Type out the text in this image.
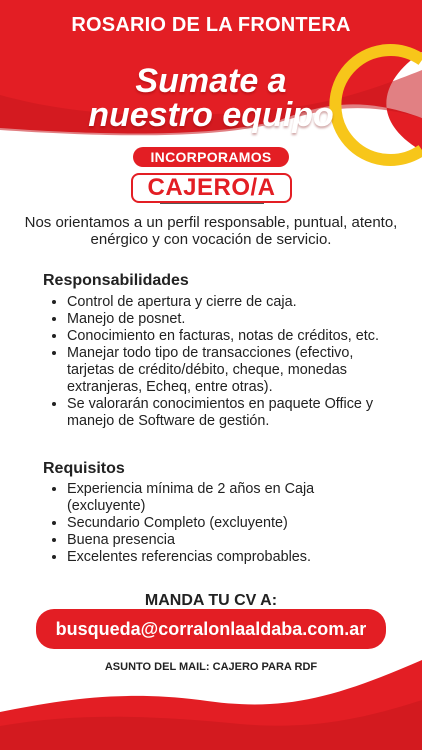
ROSARIO DE LA FRONTERA
Sumate a
nuestro equipo
INCORPORAMOS
CAJERO/A
Nos orientamos a un perfil responsable, puntual, atento, enérgico y con vocación de servicio.
Responsabilidades
• Control de apertura y cierre de caja.
• Manejo de posnet.
• Conocimiento en facturas, notas de créditos, etc.
• Manejar todo tipo de transacciones (efectivo, tarjetas de crédito/débito, cheque, monedas extranjeras, Echeq, entre otras).
• Se valorarán conocimientos en paquete Office y manejo de Software de gestión.
Requisitos
• Experiencia mínima de 2 años en Caja (excluyente)
• Secundario Completo (excluyente)
• Buena presencia
• Excelentes referencias comprobables.
MANDA TU CV A:
busqueda@corralonlaaldaba.com.ar
ASUNTO DEL MAIL: CAJERO PARA RDF
